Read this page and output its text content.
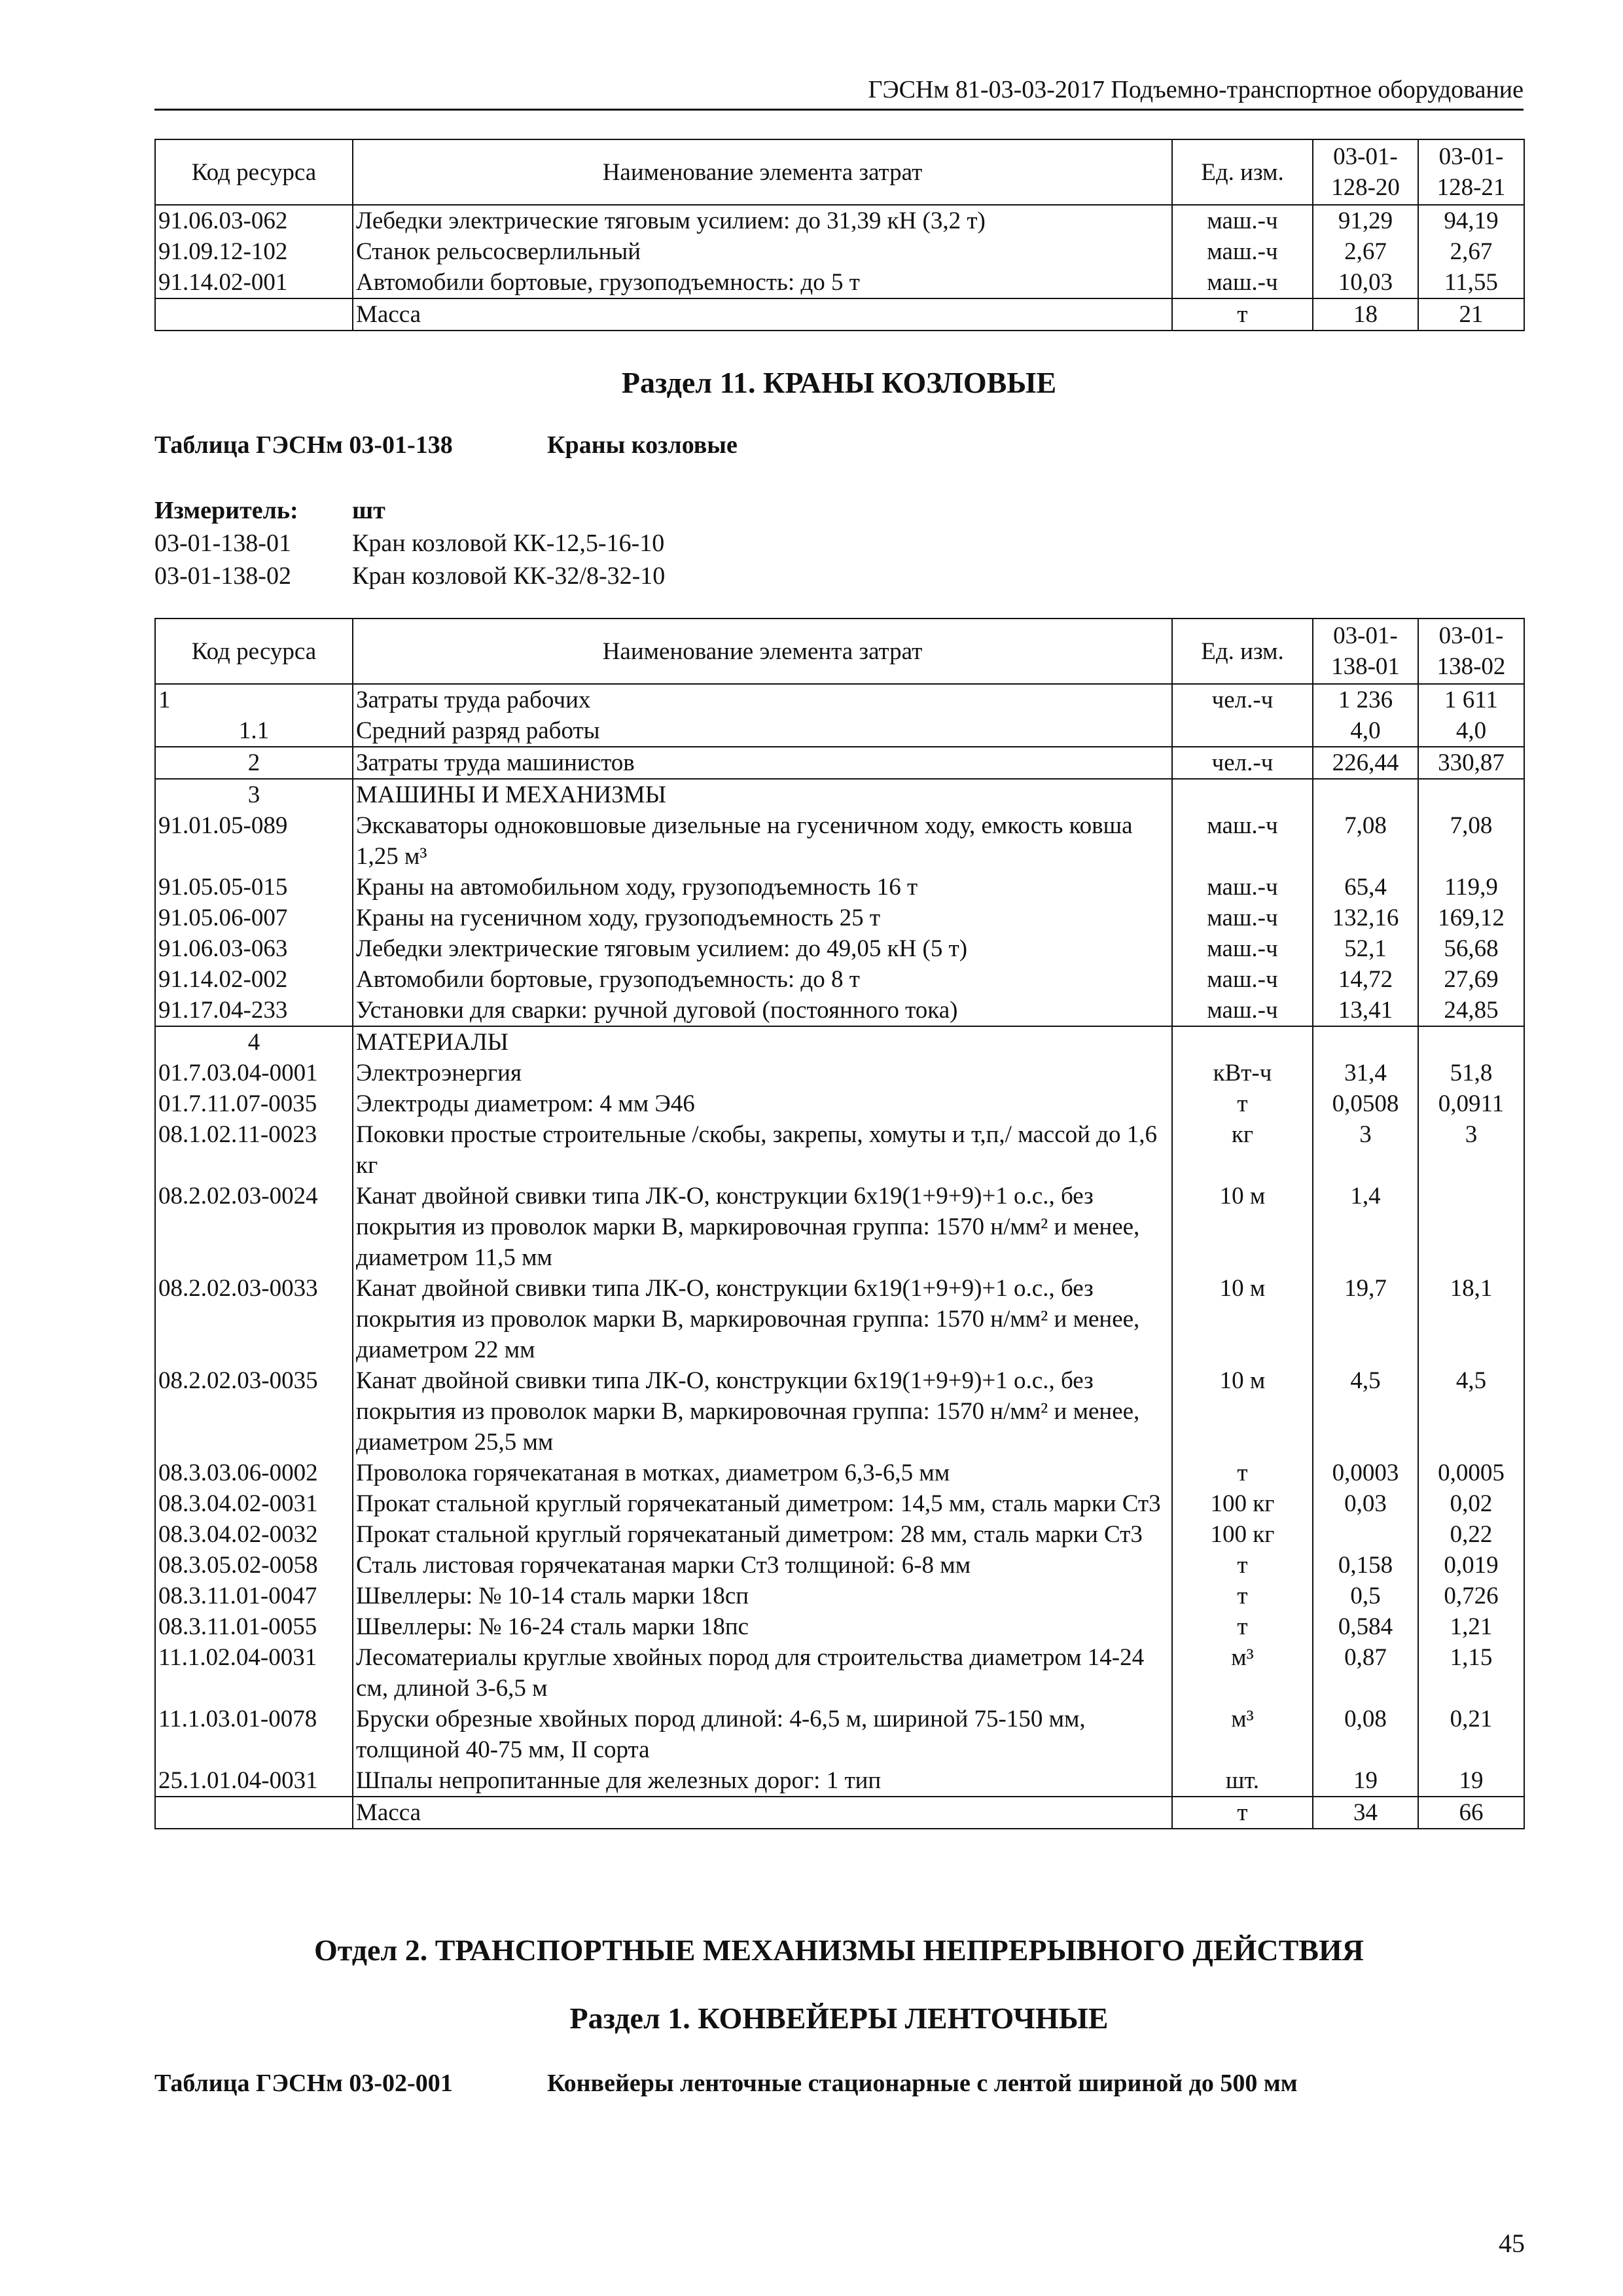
ГЭСНм 81-03-03-2017 Подъемно-транспортное оборудование
Код ресурса	Наименование элемента затрат	Ед. изм.	03-01-128-20	03-01-128-21
91.06.03-062	Лебедки электрические тяговым усилием: до 31,39 кН (3,2 т)	маш.-ч	91,29	94,19
91.09.12-102	Станок рельсосверлильный	маш.-ч	2,67	2,67
91.14.02-001	Автомобили бортовые, грузоподъемность: до 5 т	маш.-ч	10,03	11,55
	Масса	т	18	21
Раздел 11. КРАНЫ КОЗЛОВЫЕ
Таблица ГЭСНм 03-01-138	Краны козловые
Измеритель: шт
03-01-138-01 Кран козловой КК-12,5-16-10
03-01-138-02 Кран козловой КК-32/8-32-10
Код ресурса	Наименование элемента затрат	Ед. изм.	03-01-138-01	03-01-138-02
1	Затраты труда рабочих	чел.-ч	1 236	1 611
1.1	Средний разряд работы		4,0	4,0
2	Затраты труда машинистов	чел.-ч	226,44	330,87
3	МАШИНЫ И МЕХАНИЗМЫ			
91.01.05-089	Экскаваторы одноковшовые дизельные на гусеничном ходу, емкость ковша 1,25 м³	маш.-ч	7,08	7,08
91.05.05-015	Краны на автомобильном ходу, грузоподъемность 16 т	маш.-ч	65,4	119,9
91.05.06-007	Краны на гусеничном ходу, грузоподъемность 25 т	маш.-ч	132,16	169,12
91.06.03-063	Лебедки электрические тяговым усилием: до 49,05 кН (5 т)	маш.-ч	52,1	56,68
91.14.02-002	Автомобили бортовые, грузоподъемность: до 8 т	маш.-ч	14,72	27,69
91.17.04-233	Установки для сварки: ручной дуговой (постоянного тока)	маш.-ч	13,41	24,85
4	МАТЕРИАЛЫ			
01.7.03.04-0001	Электроэнергия	кВт-ч	31,4	51,8
01.7.11.07-0035	Электроды диаметром: 4 мм Э46	т	0,0508	0,0911
08.1.02.11-0023	Поковки простые строительные /скобы, закрепы, хомуты и т,п,/ массой до 1,6 кг	кг	3	3
08.2.02.03-0024	Канат двойной свивки типа ЛК-О, конструкции 6х19(1+9+9)+1 о.с., без покрытия из проволок марки В, маркировочная группа: 1570 н/мм² и менее, диаметром 11,5 мм	10 м	1,4	
08.2.02.03-0033	Канат двойной свивки типа ЛК-О, конструкции 6х19(1+9+9)+1 о.с., без покрытия из проволок марки В, маркировочная группа: 1570 н/мм² и менее, диаметром 22 мм	10 м	19,7	18,1
08.2.02.03-0035	Канат двойной свивки типа ЛК-О, конструкции 6х19(1+9+9)+1 о.с., без покрытия из проволок марки В, маркировочная группа: 1570 н/мм² и менее, диаметром 25,5 мм	10 м	4,5	4,5
08.3.03.06-0002	Проволока горячекатаная в мотках, диаметром 6,3-6,5 мм	т	0,0003	0,0005
08.3.04.02-0031	Прокат стальной круглый горячекатаный диметром: 14,5 мм, сталь марки Ст3	100 кг	0,03	0,02
08.3.04.02-0032	Прокат стальной круглый горячекатаный диметром: 28 мм, сталь марки Ст3	100 кг		0,22
08.3.05.02-0058	Сталь листовая горячекатаная марки Ст3 толщиной: 6-8 мм	т	0,158	0,019
08.3.11.01-0047	Швеллеры: № 10-14 сталь марки 18сп	т	0,5	0,726
08.3.11.01-0055	Швеллеры: № 16-24 сталь марки 18пс	т	0,584	1,21
11.1.02.04-0031	Лесоматериалы круглые хвойных пород для строительства диаметром 14-24 см, длиной 3-6,5 м	м³	0,87	1,15
11.1.03.01-0078	Бруски обрезные хвойных пород длиной: 4-6,5 м, шириной 75-150 мм, толщиной 40-75 мм, II сорта	м³	0,08	0,21
25.1.01.04-0031	Шпалы непропитанные для железных дорог: 1 тип	шт.	19	19
	Масса	т	34	66
Отдел 2. ТРАНСПОРТНЫЕ МЕХАНИЗМЫ НЕПРЕРЫВНОГО ДЕЙСТВИЯ
Раздел 1. КОНВЕЙЕРЫ ЛЕНТОЧНЫЕ
Таблица ГЭСНм 03-02-001	Конвейеры ленточные стационарные с лентой шириной до 500 мм
45
